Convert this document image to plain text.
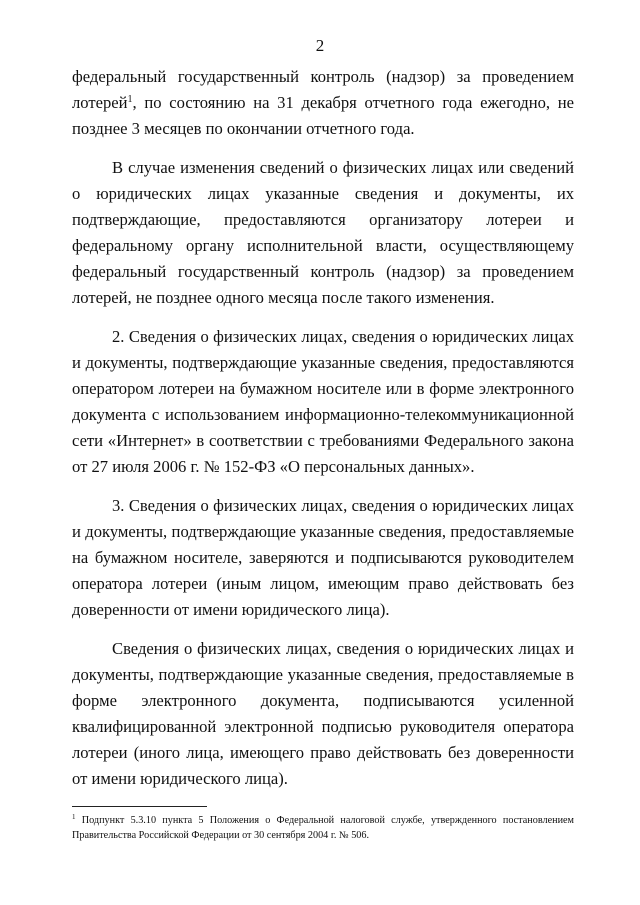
2

федеральный государственный контроль (надзор) за проведением лотерей$^1$, по состоянию на 31 декабря отчетного года ежегодно, не позднее 3 месяцев по окончании отчетного года.

В случае изменения сведений о физических лицах или сведений о юридических лицах указанные сведения и документы, их подтверждающие, предоставляются организатору лотереи и федеральному органу исполнительной власти, осуществляющему федеральный государственный контроль (надзор) за проведением лотерей, не позднее одного месяца после такого изменения.

2. Сведения о физических лицах, сведения о юридических лицах и документы, подтверждающие указанные сведения, предоставляются оператором лотереи на бумажном носителе или в форме электронного документа с использованием информационно-телекоммуникационной сети «Интернет» в соответствии с требованиями Федерального закона от 27 июля 2006 г. № 152-ФЗ «О персональных данных».

3. Сведения о физических лицах, сведения о юридических лицах и документы, подтверждающие указанные сведения, предоставляемые на бумажном носителе, заверяются и подписываются руководителем оператора лотереи (иным лицом, имеющим право действовать без доверенности от имени юридического лица).

Сведения о физических лицах, сведения о юридических лицах и документы, подтверждающие указанные сведения, предоставляемые в форме электронного документа, подписываются усиленной квалифицированной электронной подписью руководителя оператора лотереи (иного лица, имеющего право действовать без доверенности от имени юридического лица).

$^1$ Подпункт 5.3.10 пункта 5 Положения о Федеральной налоговой службе, утвержденного постановлением Правительства Российской Федерации от 30 сентября 2004 г. № 506.
